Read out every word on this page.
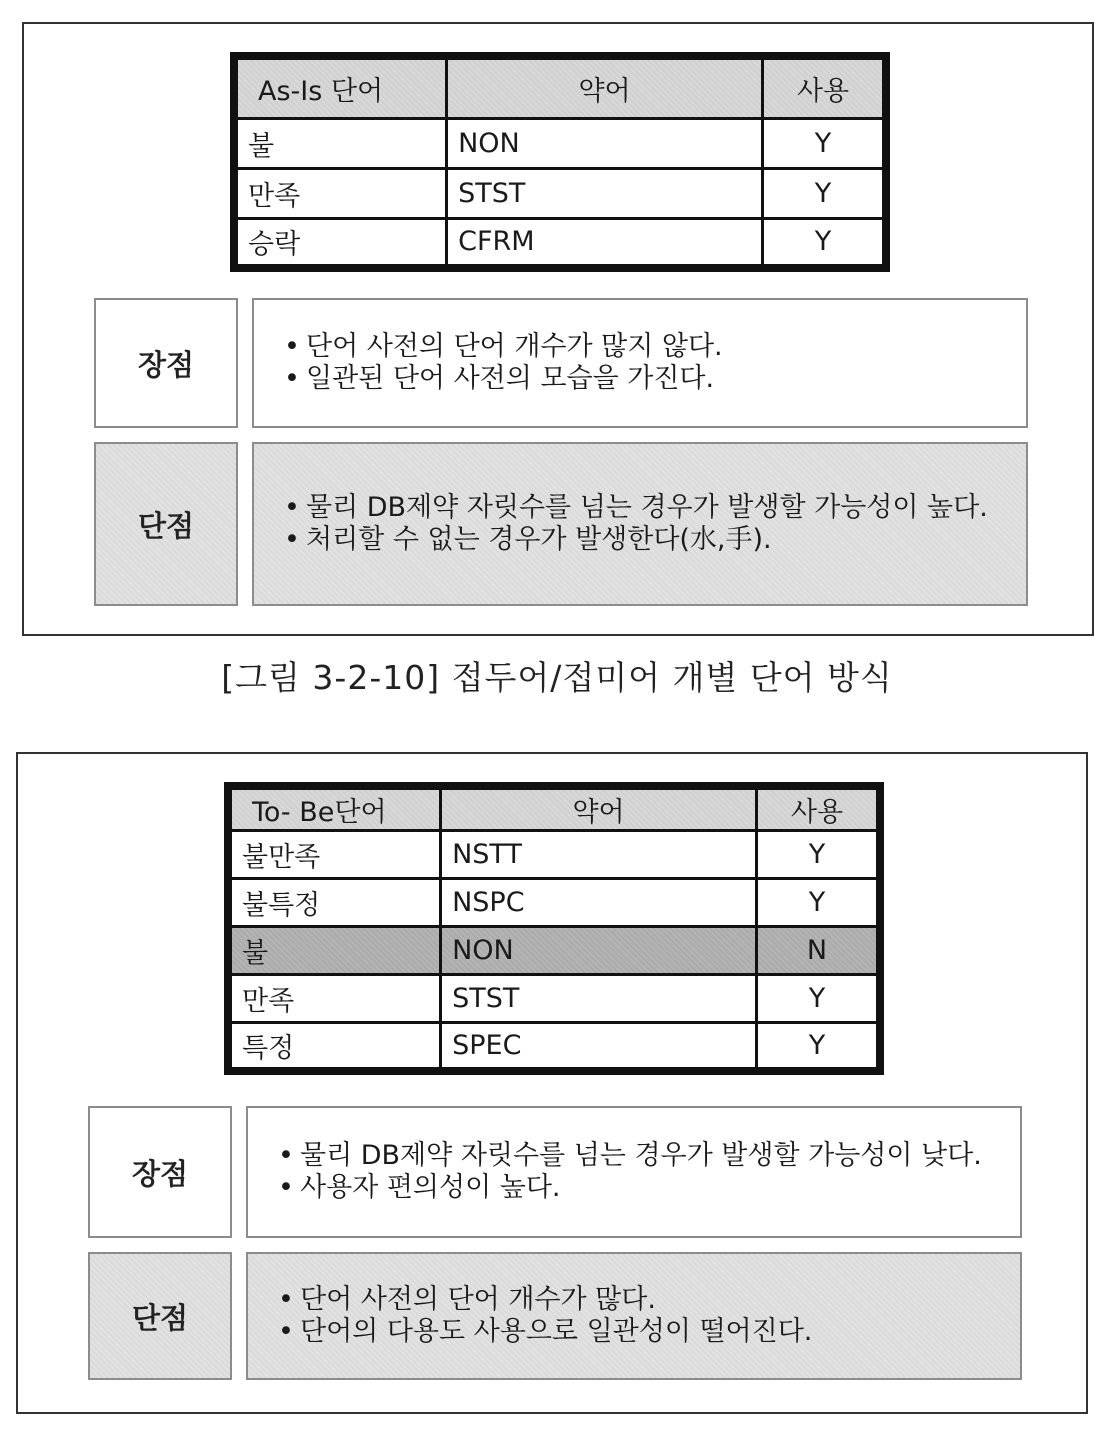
As-Is 단어	약어	사용
불	NON	Y
만족	STST	Y
승락	CFRM	Y
장점
• 단어 사전의 단어 개수가 많지 않다.
• 일관된 단어 사전의 모습을 가진다.
단점
• 물리 DB제약 자릿수를 넘는 경우가 발생할 가능성이 높다.
• 처리할 수 없는 경우가 발생한다(水,手).
[그림 3-2-10] 접두어/접미어 개별 단어 방식
To- Be단어	약어	사용
불만족	NSTT	Y
불특정	NSPC	Y
불	NON	N
만족	STST	Y
특정	SPEC	Y
장점
• 물리 DB제약 자릿수를 넘는 경우가 발생할 가능성이 낮다.
• 사용자 편의성이 높다.
단점
• 단어 사전의 단어 개수가 많다.
• 단어의 다용도 사용으로 일관성이 떨어진다.
